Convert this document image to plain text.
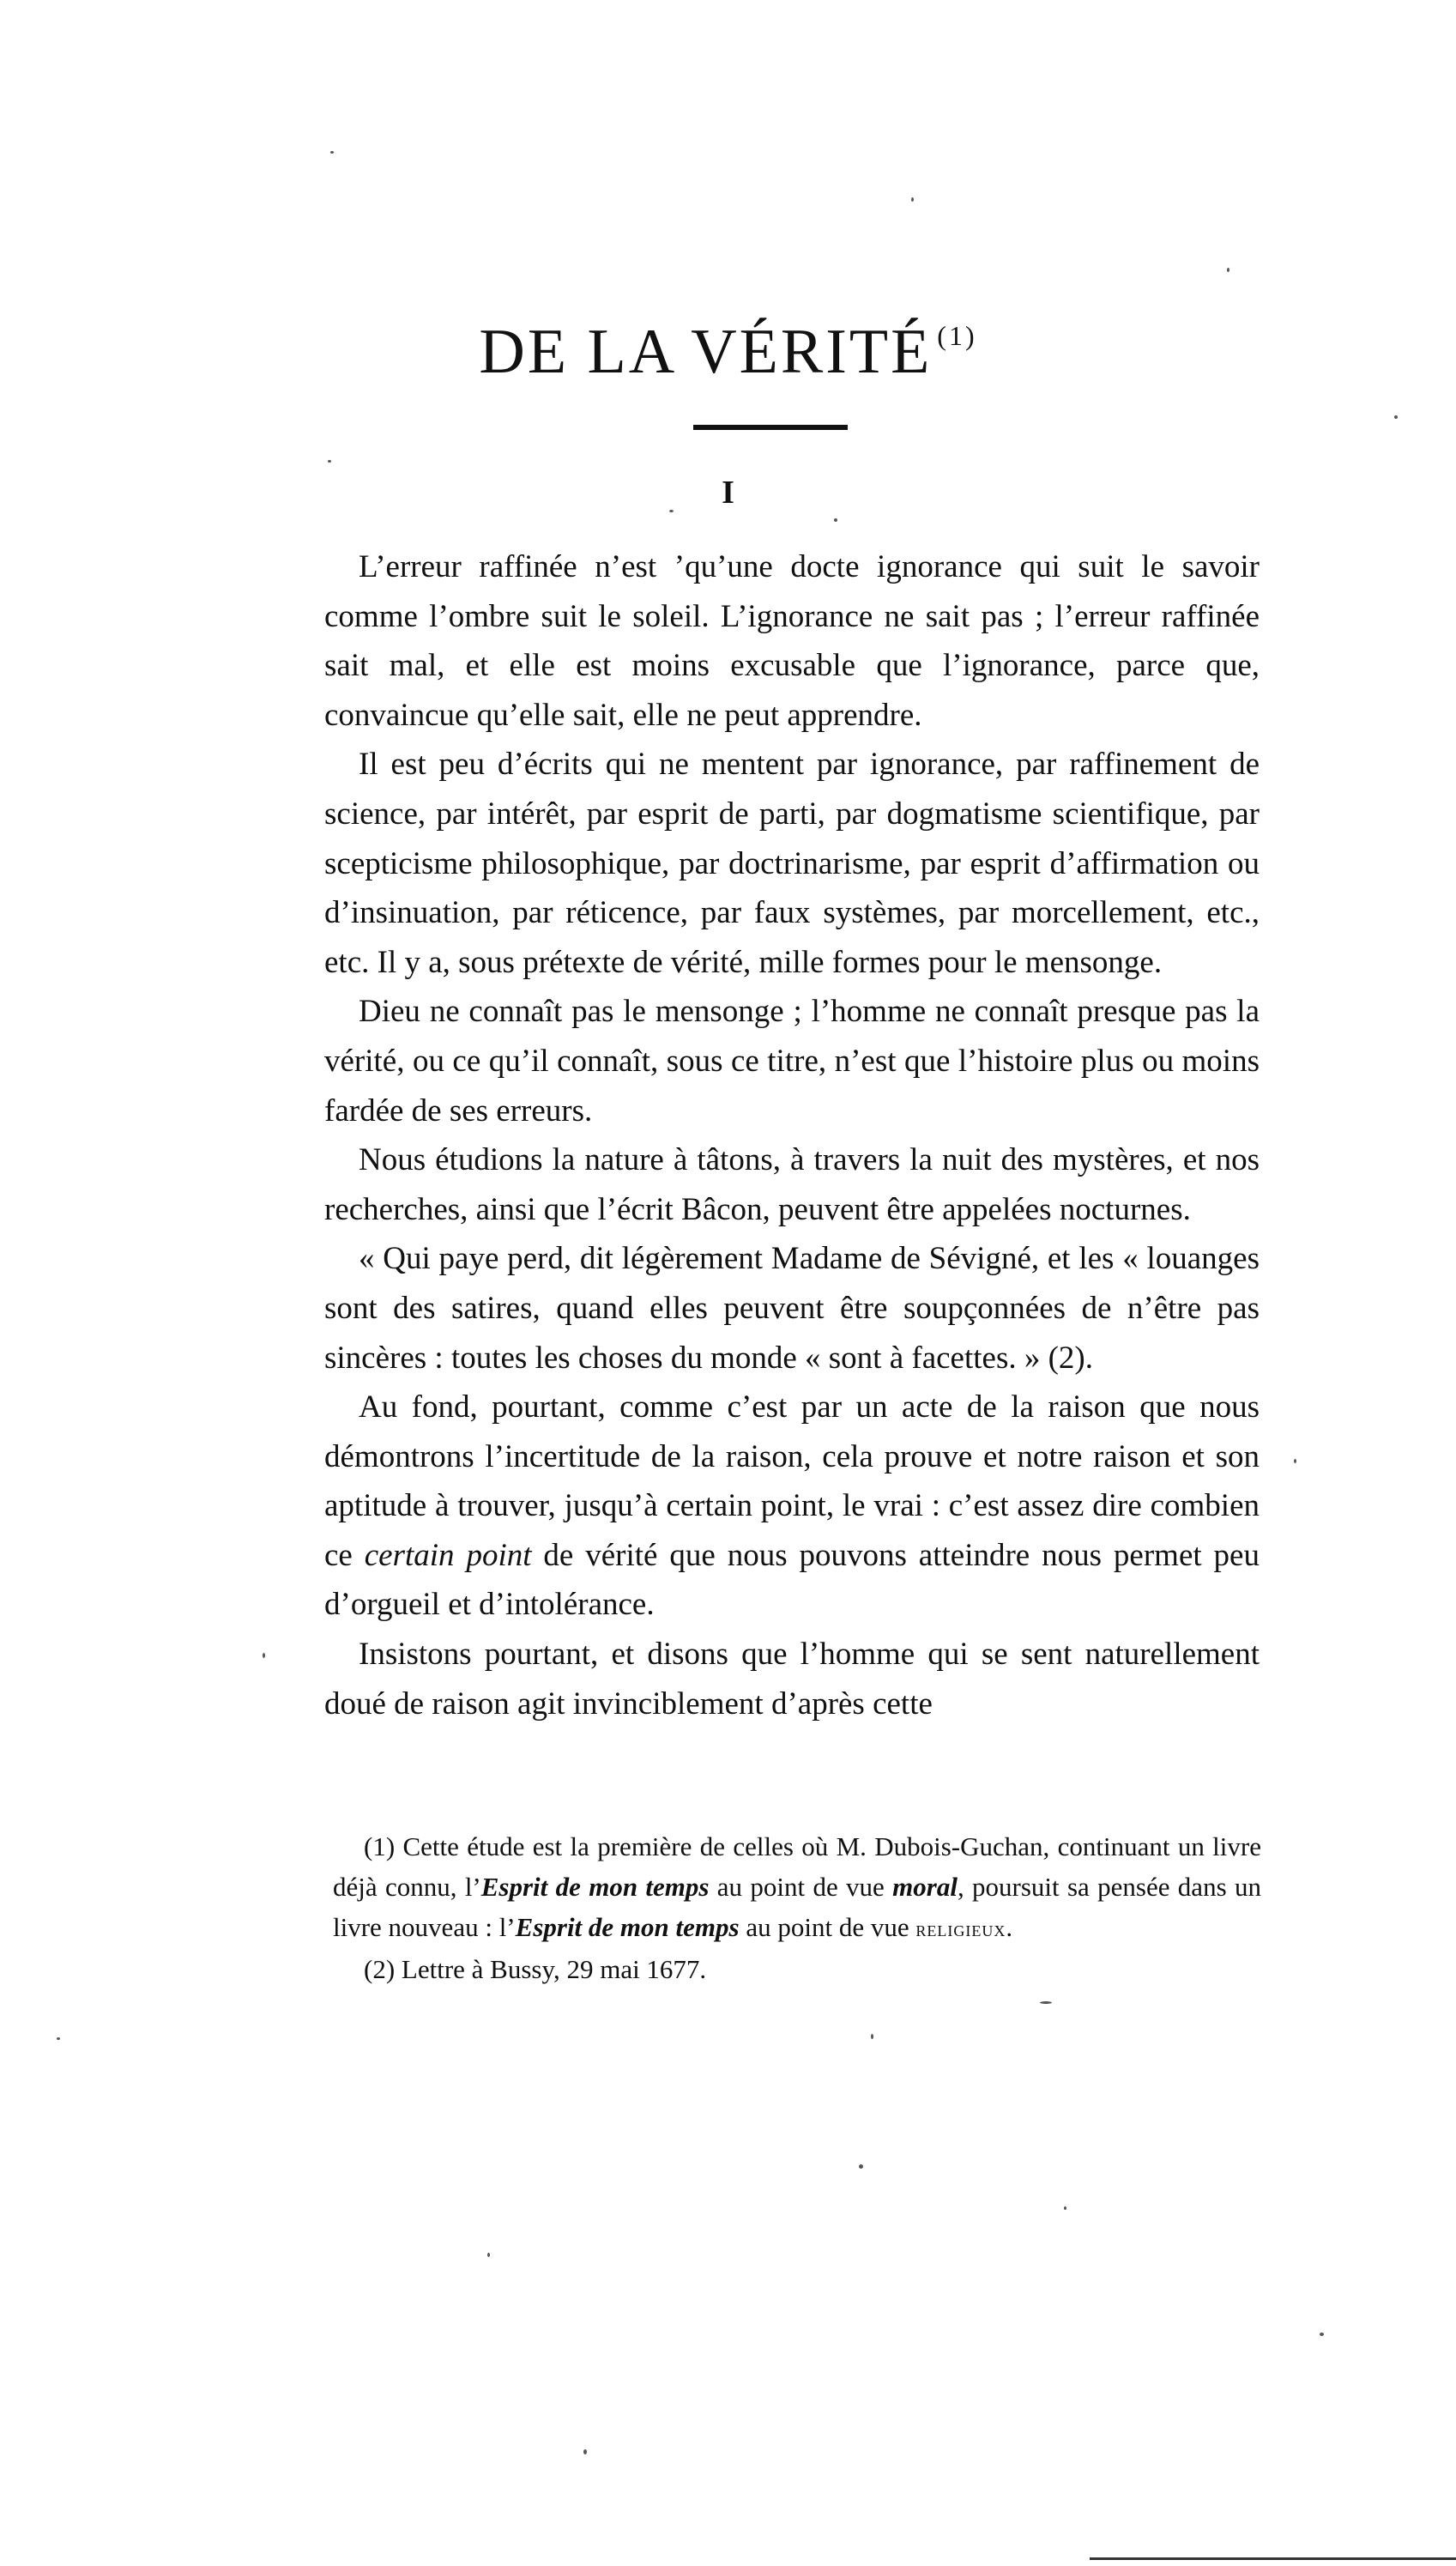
DE LA VÉRITÉ $^{(1)}$
I

L’erreur raffinée n’est ’qu’une docte ignorance qui suit le savoir comme l’ombre suit le soleil. L’ignorance ne sait pas ; l’erreur raffinée sait mal, et elle est moins excusable que l’ignorance, parce que, convaincue qu’elle sait, elle ne peut apprendre.

Il est peu d’écrits qui ne mentent par ignorance, par raffinement de science, par intérêt, par esprit de parti, par dogmatisme scientifique, par scepticisme philosophique, par doctrinarisme, par esprit d’affirmation ou d’insinuation, par réticence, par faux systèmes, par morcellement, etc., etc. Il y a, sous prétexte de vérité, mille formes pour le mensonge.

Dieu ne connaît pas le mensonge ; l’homme ne connaît presque pas la vérité, ou ce qu’il connaît, sous ce titre, n’est que l’histoire plus ou moins fardée de ses erreurs.

Nous étudions la nature à tâtons, à travers la nuit des mystères, et nos recherches, ainsi que l’écrit Bâcon, peuvent être appelées nocturnes.

« Qui paye perd, dit légèrement Madame de Sévigné, et les « louanges sont des satires, quand elles peuvent être soupçonnées de n’être pas sincères : toutes les choses du monde « sont à facettes. » (2).

Au fond, pourtant, comme c’est par un acte de la raison que nous démontrons l’incertitude de la raison, cela prouve et notre raison et son aptitude à trouver, jusqu’à certain point, le vrai : c’est assez dire combien ce certain point de vérité que nous pouvons atteindre nous permet peu d’orgueil et d’intolérance.

Insistons pourtant, et disons que l’homme qui se sent naturellement doué de raison agit invinciblement d’après cette

(1) Cette étude est la première de celles où M. Dubois-Guchan, continuant un livre déjà connu, l’Esprit de mon temps au point de vue moral, poursuit sa pensée dans un livre nouveau : l’Esprit de mon temps au point de vue religieux.

(2) Lettre à Bussy, 29 mai 1677.
